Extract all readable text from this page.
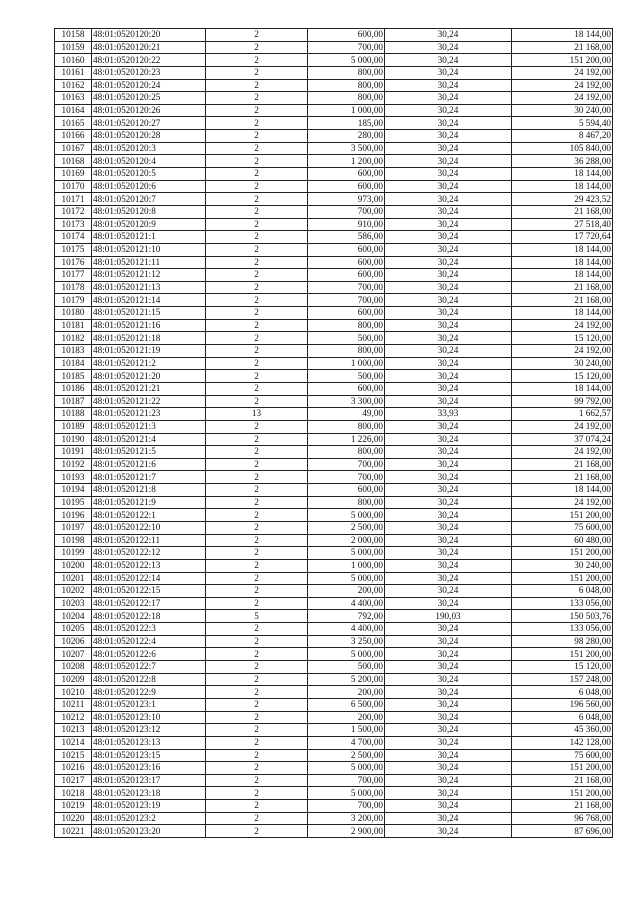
10158	48:01:0520120:20	2	600,00	30,24	18 144,00
10159	48:01:0520120:21	2	700,00	30,24	21 168,00
10160	48:01:0520120:22	2	5 000,00	30,24	151 200,00
10161	48:01:0520120:23	2	800,00	30,24	24 192,00
10162	48:01:0520120:24	2	800,00	30,24	24 192,00
10163	48:01:0520120:25	2	800,00	30,24	24 192,00
10164	48:01:0520120:26	2	1 000,00	30,24	30 240,00
10165	48:01:0520120:27	2	185,00	30,24	5 594,40
10166	48:01:0520120:28	2	280,00	30,24	8 467,20
10167	48:01:0520120:3	2	3 500,00	30,24	105 840,00
10168	48:01:0520120:4	2	1 200,00	30,24	36 288,00
10169	48:01:0520120:5	2	600,00	30,24	18 144,00
10170	48:01:0520120:6	2	600,00	30,24	18 144,00
10171	48:01:0520120:7	2	973,00	30,24	29 423,52
10172	48:01:0520120:8	2	700,00	30,24	21 168,00
10173	48:01:0520120:9	2	910,00	30,24	27 518,40
10174	48:01:0520121:1	2	586,00	30,24	17 720,64
10175	48:01:0520121:10	2	600,00	30,24	18 144,00
10176	48:01:0520121:11	2	600,00	30,24	18 144,00
10177	48:01:0520121:12	2	600,00	30,24	18 144,00
10178	48:01:0520121:13	2	700,00	30,24	21 168,00
10179	48:01:0520121:14	2	700,00	30,24	21 168,00
10180	48:01:0520121:15	2	600,00	30,24	18 144,00
10181	48:01:0520121:16	2	800,00	30,24	24 192,00
10182	48:01:0520121:18	2	500,00	30,24	15 120,00
10183	48:01:0520121:19	2	800,00	30,24	24 192,00
10184	48:01:0520121:2	2	1 000,00	30,24	30 240,00
10185	48:01:0520121:20	2	500,00	30,24	15 120,00
10186	48:01:0520121:21	2	600,00	30,24	18 144,00
10187	48:01:0520121:22	2	3 300,00	30,24	99 792,00
10188	48:01:0520121:23	13	49,00	33,93	1 662,57
10189	48:01:0520121:3	2	800,00	30,24	24 192,00
10190	48:01:0520121:4	2	1 226,00	30,24	37 074,24
10191	48:01:0520121:5	2	800,00	30,24	24 192,00
10192	48:01:0520121:6	2	700,00	30,24	21 168,00
10193	48:01:0520121:7	2	700,00	30,24	21 168,00
10194	48:01:0520121:8	2	600,00	30,24	18 144,00
10195	48:01:0520121:9	2	800,00	30,24	24 192,00
10196	48:01:0520122:1	2	5 000,00	30,24	151 200,00
10197	48:01:0520122:10	2	2 500,00	30,24	75 600,00
10198	48:01:0520122:11	2	2 000,00	30,24	60 480,00
10199	48:01:0520122:12	2	5 000,00	30,24	151 200,00
10200	48:01:0520122:13	2	1 000,00	30,24	30 240,00
10201	48:01:0520122:14	2	5 000,00	30,24	151 200,00
10202	48:01:0520122:15	2	200,00	30,24	6 048,00
10203	48:01:0520122:17	2	4 400,00	30,24	133 056,00
10204	48:01:0520122:18	5	792,00	190,03	150 503,76
10205	48:01:0520122:3	2	4 400,00	30,24	133 056,00
10206	48:01:0520122:4	2	3 250,00	30,24	98 280,00
10207	48:01:0520122:6	2	5 000,00	30,24	151 200,00
10208	48:01:0520122:7	2	500,00	30,24	15 120,00
10209	48:01:0520122:8	2	5 200,00	30,24	157 248,00
10210	48:01:0520122:9	2	200,00	30,24	6 048,00
10211	48:01:0520123:1	2	6 500,00	30,24	196 560,00
10212	48:01:0520123:10	2	200,00	30,24	6 048,00
10213	48:01:0520123:12	2	1 500,00	30,24	45 360,00
10214	48:01:0520123:13	2	4 700,00	30,24	142 128,00
10215	48:01:0520123:15	2	2 500,00	30,24	75 600,00
10216	48:01:0520123:16	2	5 000,00	30,24	151 200,00
10217	48:01:0520123:17	2	700,00	30,24	21 168,00
10218	48:01:0520123:18	2	5 000,00	30,24	151 200,00
10219	48:01:0520123:19	2	700,00	30,24	21 168,00
10220	48:01:0520123:2	2	3 200,00	30,24	96 768,00
10221	48:01:0520123:20	2	2 900,00	30,24	87 696,00
